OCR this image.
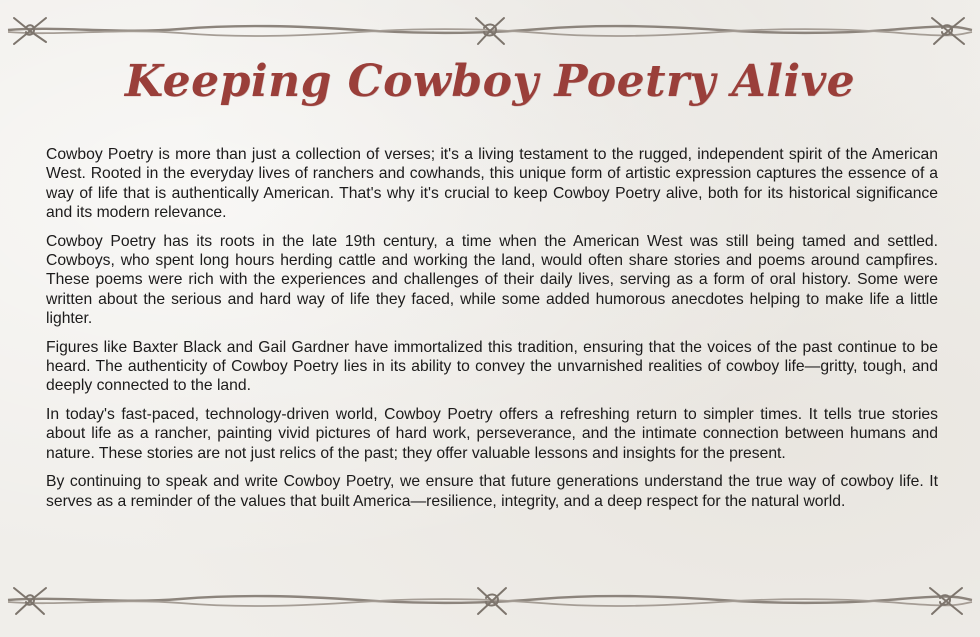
Keeping Cowboy Poetry Alive

Cowboy Poetry is more than just a collection of verses; it's a living testament to the rugged, independent spirit of the American West. Rooted in the everyday lives of ranchers and cowhands, this unique form of artistic expression captures the essence of a way of life that is authentically American. That's why it's crucial to keep Cowboy Poetry alive, both for its historical significance and its modern relevance.

Cowboy Poetry has its roots in the late 19th century, a time when the American West was still being tamed and settled. Cowboys, who spent long hours herding cattle and working the land, would often share stories and poems around campfires. These poems were rich with the experiences and challenges of their daily lives, serving as a form of oral history. Some were written about the serious and hard way of life they faced, while some added humorous anecdotes helping to make life a little lighter.

Figures like Baxter Black and Gail Gardner have immortalized this tradition, ensuring that the voices of the past continue to be heard. The authenticity of Cowboy Poetry lies in its ability to convey the unvarnished realities of cowboy life—gritty, tough, and deeply connected to the land.

In today's fast-paced, technology-driven world, Cowboy Poetry offers a refreshing return to simpler times. It tells true stories about life as a rancher, painting vivid pictures of hard work, perseverance, and the intimate connection between humans and nature. These stories are not just relics of the past; they offer valuable lessons and insights for the present.

By continuing to speak and write Cowboy Poetry, we ensure that future generations understand the true way of cowboy life. It serves as a reminder of the values that built America—resilience, integrity, and a deep respect for the natural world.
